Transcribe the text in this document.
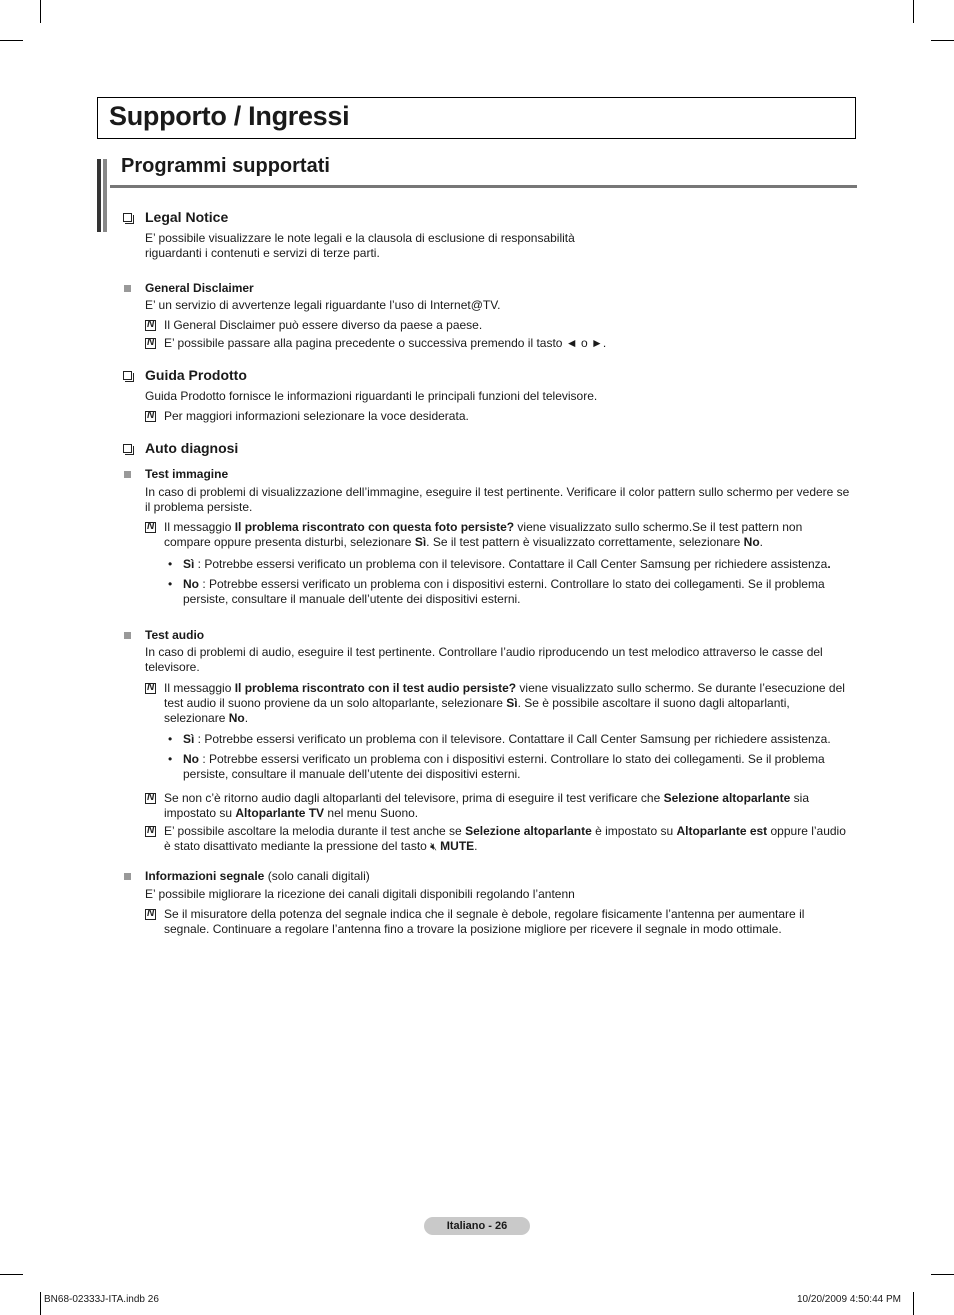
Supporto / Ingressi
Programmi supportati
Legal Notice
E’ possibile visualizzare le note legali e la clausola di esclusione di responsabilità riguardanti i contenuti e servizi di terze parti.
General Disclaimer
E’ un servizio di avvertenze legali riguardante l’uso di Internet@TV.
N
Il General Disclaimer può essere diverso da paese a paese.
N
E’ possibile passare alla pagina precedente o successiva premendo il tasto ◄ o ►.
Guida Prodotto
Guida Prodotto fornisce le informazioni riguardanti le principali funzioni del televisore.
N
Per maggiori informazioni selezionare la voce desiderata.
Auto diagnosi
Test immagine
In caso di problemi di visualizzazione dell’immagine, eseguire il test pertinente. Verificare il color pattern sullo schermo per vedere se il problema persiste.
N
Il messaggio Il problema riscontrato con questa foto persiste? viene visualizzato sullo schermo.Se il test pattern non compare oppure presenta disturbi, selezionare Sì. Se il test pattern è visualizzato correttamente, selezionare No.
• Sì : Potrebbe essersi verificato un problema con il televisore. Contattare il Call Center Samsung per richiedere assistenza.
• No : Potrebbe essersi verificato un problema con i dispositivi esterni. Controllare lo stato dei collegamenti. Se il problema persiste, consultare il manuale dell’utente dei dispositivi esterni.
Test audio
In caso di problemi di audio, eseguire il test pertinente. Controllare l’audio riproducendo un test melodico attraverso le casse del televisore.
N
Il messaggio Il problema riscontrato con il test audio persiste? viene visualizzato sullo schermo. Se durante l’esecuzione del test audio il suono proviene da un solo altoparlante, selezionare Sì. Se è possibile ascoltare il suono dagli altoparlanti, selezionare No.
• Sì : Potrebbe essersi verificato un problema con il televisore. Contattare il Call Center Samsung per richiedere assistenza.
• No : Potrebbe essersi verificato un problema con i dispositivi esterni. Controllare lo stato dei collegamenti. Se il problema persiste, consultare il manuale dell’utente dei dispositivi esterni.
N
Se non c’è ritorno audio dagli altoparlanti del televisore, prima di eseguire il test verificare che Selezione altoparlante sia impostato su Altoparlante TV nel menu Suono.
N
E’ possibile ascoltare la melodia durante il test anche se Selezione altoparlante è impostato su Altoparlante est oppure l’audio è stato disattivato mediante la pressione del tasto 🔇︎ MUTE.
Informazioni segnale (solo canali digitali)
E’ possibile migliorare la ricezione dei canali digitali disponibili regolando l’antenn
N
Se il misuratore della potenza del segnale indica che il segnale è debole, regolare fisicamente l’antenna per aumentare il segnale. Continuare a regolare l’antenna fino a trovare la posizione migliore per ricevere il segnale in modo ottimale.
Italiano - 26
BN68-02333J-ITA.indb 26	10/20/2009 4:50:44 PM
